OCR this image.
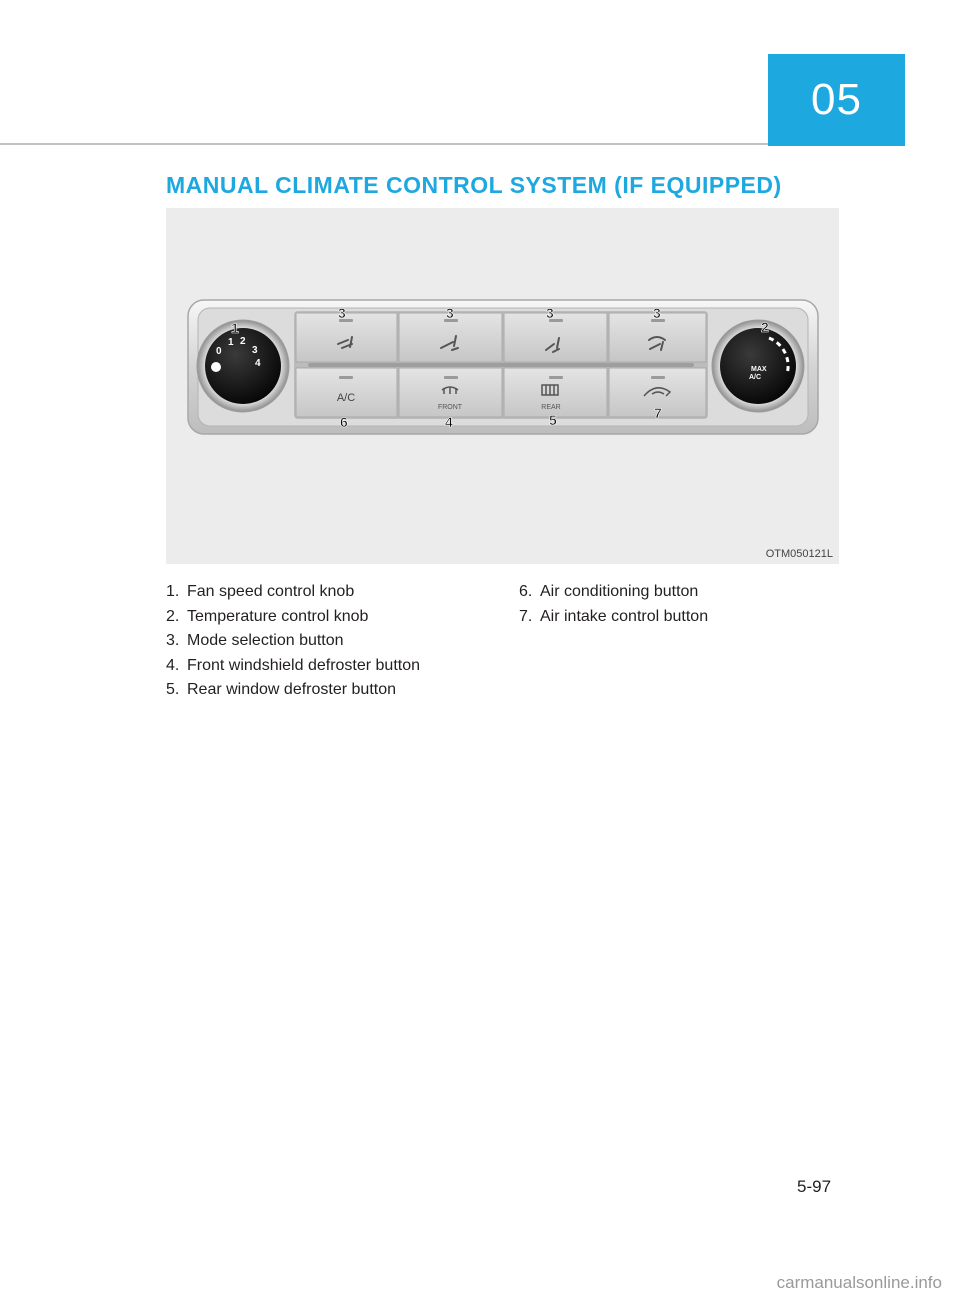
05
MANUAL CLIMATE CONTROL SYSTEM (IF EQUIPPED)
A/C
FRONT	REAR
0
1 2
3
4
MAX
A/C
1	2
3	3	3	3
4	5
6
7
OTM050121L
1. Fan speed control knob
2. Temperature control knob
3. Mode selection button
4. Front windshield defroster button
5. Rear window defroster button
6. Air conditioning button
7. Air intake control button
5-97
carmanualsonline.info
